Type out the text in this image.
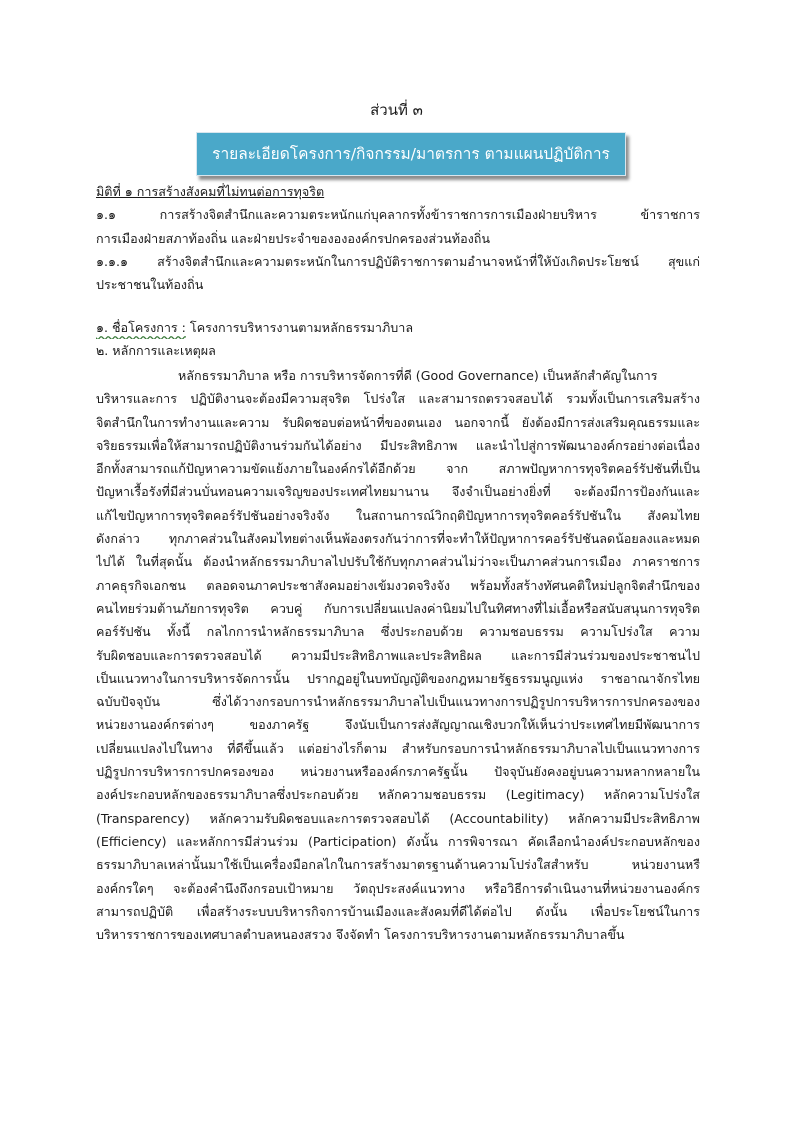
ส่วนที่ ๓
รายละเอียดโครงการ/กิจกรรม/มาตรการ ตามแผนปฏิบัติการ
มิติที่ ๑ การสร้างสังคมที่ไม่ทนต่อการทุจริต
๑.๑ การสร้างจิตสำนึกและความตระหนักแก่บุคลากรทั้งข้าราชการการเมืองฝ่ายบริหาร ข้าราชการ
การเมืองฝ่ายสภาท้องถิ่น และฝ่ายประจำของององค์กรปกครองส่วนท้องถิ่น
๑.๑.๑ สร้างจิตสำนึกและความตระหนักในการปฏิบัติราชการตามอำนาจหน้าที่ให้บังเกิดประโยชน์ สุขแก่
ประชาชนในท้องถิ่น
๑. ชื่อโครงการ : โครงการบริหารงานตามหลักธรรมาภิบาล
๒. หลักการและเหตุผล
หลักธรรมาภิบาล หรือ การบริหารจัดการที่ดี (Good Governance) เป็นหลักสำคัญในการ
บริหารและการ ปฏิบัติงานจะต้องมีความสุจริต โปร่งใส และสามารถตรวจสอบได้ รวมทั้งเป็นการเสริมสร้าง
จิตสำนึกในการทำงานและความ รับผิดชอบต่อหน้าที่ของตนเอง นอกจากนี้ ยังต้องมีการส่งเสริมคุณธรรมและ
จริยธรรมเพื่อให้สามารถปฏิบัติงานร่วมกันได้อย่าง มีประสิทธิภาพ และนำไปสู่การพัฒนาองค์กรอย่างต่อเนื่อง
อีกทั้งสามารถแก้ปัญหาความขัดแย้งภายในองค์กรได้อีกด้วย จาก สภาพปัญหาการทุจริตคอร์รัปชันที่เป็น
ปัญหาเรื้อรังที่มีส่วนบั่นทอนความเจริญของประเทศไทยมานาน จึงจำเป็นอย่างยิ่งที่ จะต้องมีการป้องกันและ
แก้ไขปัญหาการทุจริตคอร์รัปชันอย่างจริงจัง ในสถานการณ์วิกฤติปัญหาการทุจริตคอร์รัปชันใน สังคมไทย
ดังกล่าว ทุกภาคส่วนในสังคมไทยต่างเห็นพ้องตรงกันว่าการที่จะทำให้ปัญหาการคอร์รัปชันลดน้อยลงและหมด
ไปได้ ในที่สุดนั้น ต้องนำหลักธรรมาภิบาลไปปรับใช้กับทุกภาคส่วนไม่ว่าจะเป็นภาคส่วนการเมือง ภาคราชการ
ภาคธุรกิจเอกชน ตลอดจนภาคประชาสังคมอย่างเข้มงวดจริงจัง พร้อมทั้งสร้างทัศนคติใหม่ปลูกจิตสำนึกของ
คนไทยร่วมต้านภัยการทุจริต ควบคู่ กับการเปลี่ยนแปลงค่านิยมไปในทิศทางที่ไม่เอื้อหรือสนับสนุนการทุจริต
คอร์รัปชัน ทั้งนี้ กลไกการนำหลักธรรมาภิบาล ซึ่งประกอบด้วย ความชอบธรรม ความโปร่งใส ความ
รับผิดชอบและการตรวจสอบได้ ความมีประสิทธิภาพและประสิทธิผล และการมีส่วนร่วมของประชาชนไป
เป็นแนวทางในการบริหารจัดการนั้น ปรากฏอยู่ในบทบัญญัติของกฎหมายรัฐธรรมนูญแห่ง ราชอาณาจักรไทย
ฉบับปัจจุบัน ซึ่งได้วางกรอบการนำหลักธรรมาภิบาลไปเป็นแนวทางการปฏิรูปการบริหารการปกครองของ
หน่วยงานองค์กรต่างๆ ของภาครัฐ จึงนับเป็นการส่งสัญญาณเชิงบวกให้เห็นว่าประเทศไทยมีพัฒนาการ
เปลี่ยนแปลงไปในทาง ที่ดีขึ้นแล้ว แต่อย่างไรก็ตาม สำหรับกรอบการนำหลักธรรมาภิบาลไปเป็นแนวทางการ
ปฏิรูปการบริหารการปกครองของ หน่วยงานหรือองค์กรภาครัฐนั้น ปัจจุบันยังคงอยู่บนความหลากหลายใน
องค์ประกอบหลักของธรรมาภิบาลซึ่งประกอบด้วย หลักความชอบธรรม (Legitimacy) หลักความโปร่งใส
(Transparency) หลักความรับผิดชอบและการตรวจสอบได้ (Accountability) หลักความมีประสิทธิภาพ
(Efficiency) และหลักการมีส่วนร่วม (Participation) ดังนั้น การพิจารณา คัดเลือกนำองค์ประกอบหลักของ
ธรรมาภิบาลเหล่านั้นมาใช้เป็นเครื่องมือกลไกในการสร้างมาตรฐานด้านความโปร่งใสสำหรับ หน่วยงานหรื
องค์กรใดๆ จะต้องคำนึงถึงกรอบเป้าหมาย วัตถุประสงค์แนวทาง หรือวิธีการดำเนินงานที่หน่วยงานองค์กร
สามารถปฏิบัติ เพื่อสร้างระบบบริหารกิจการบ้านเมืองและสังคมที่ดีได้ต่อไป ดังนั้น เพื่อประโยชน์ในการ
บริหารราชการของเทศบาลตำบลหนองสรวง จึงจัดทำ โครงการบริหารงานตามหลักธรรมาภิบาลขึ้น
